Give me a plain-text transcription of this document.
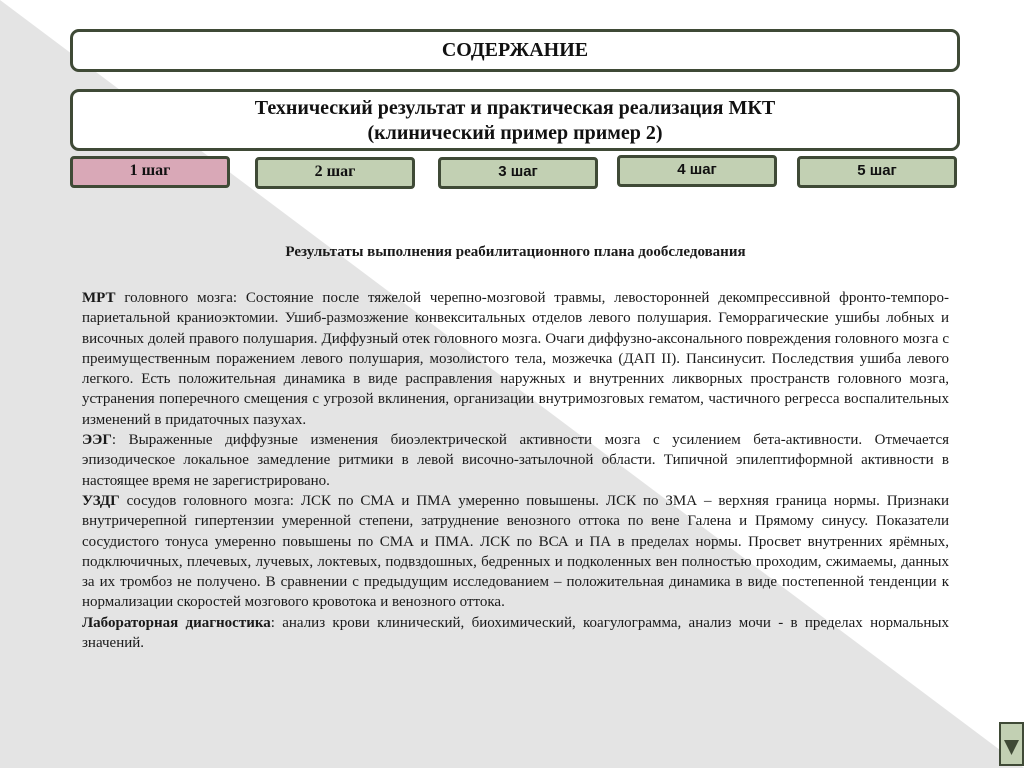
СОДЕРЖАНИЕ
Технический результат и практическая реализация МКТ
(клинический пример пример 2)
1 шаг	2 шаг	3 шаг	4 шаг	5 шаг

Результаты выполнения реабилитационного плана дообследования

МРТ головного мозга: Состояние после тяжелой черепно-мозговой травмы, левосторонней декомпрессивной фронто-темпоро-париетальной краниоэктомии. Ушиб-размозжение конвекситальных отделов левого полушария. Геморрагические ушибы лобных и височных долей правого полушария. Диффузный отек головного мозга. Очаги диффузно-аксонального повреждения головного мозга с преимущественным поражением левого полушария, мозолистого тела, мозжечка (ДАП II). Пансинусит. Последствия ушиба левого легкого. Есть положительная динамика в виде расправления наружных и внутренних ликворных пространств головного мозга, устранения поперечного смещения с угрозой вклинения, организации внутримозговых гематом, частичного регресса воспалительных изменений в придаточных пазухах.
ЭЭГ: Выраженные диффузные изменения биоэлектрической активности мозга с усилением бета-активности. Отмечается эпизодическое локальное замедление ритмики в левой височно-затылочной области. Типичной эпилептиформной активности в настоящее время не зарегистрировано.
УЗДГ сосудов головного мозга: ЛСК по СМА и ПМА умеренно повышены. ЛСК по ЗМА – верхняя граница нормы. Признаки внутричерепной гипертензии умеренной степени, затруднение венозного оттока по вене Галена и Прямому синусу. Показатели сосудистого тонуса умеренно повышены по СМА и ПМА. ЛСК по ВСА и ПА в пределах нормы. Просвет внутренних ярёмных, подключичных, плечевых, лучевых, локтевых, подвздошных, бедренных и подколенных вен полностью проходим, сжимаемы, данных за их тромбоз не получено. В сравнении с предыдущим исследованием – положительная динамика в виде постепенной тенденции к нормализации скоростей мозгового кровотока и венозного оттока.
Лабораторная диагностика: анализ крови клинический, биохимический, коагулограмма, анализ мочи - в пределах нормальных значений.
